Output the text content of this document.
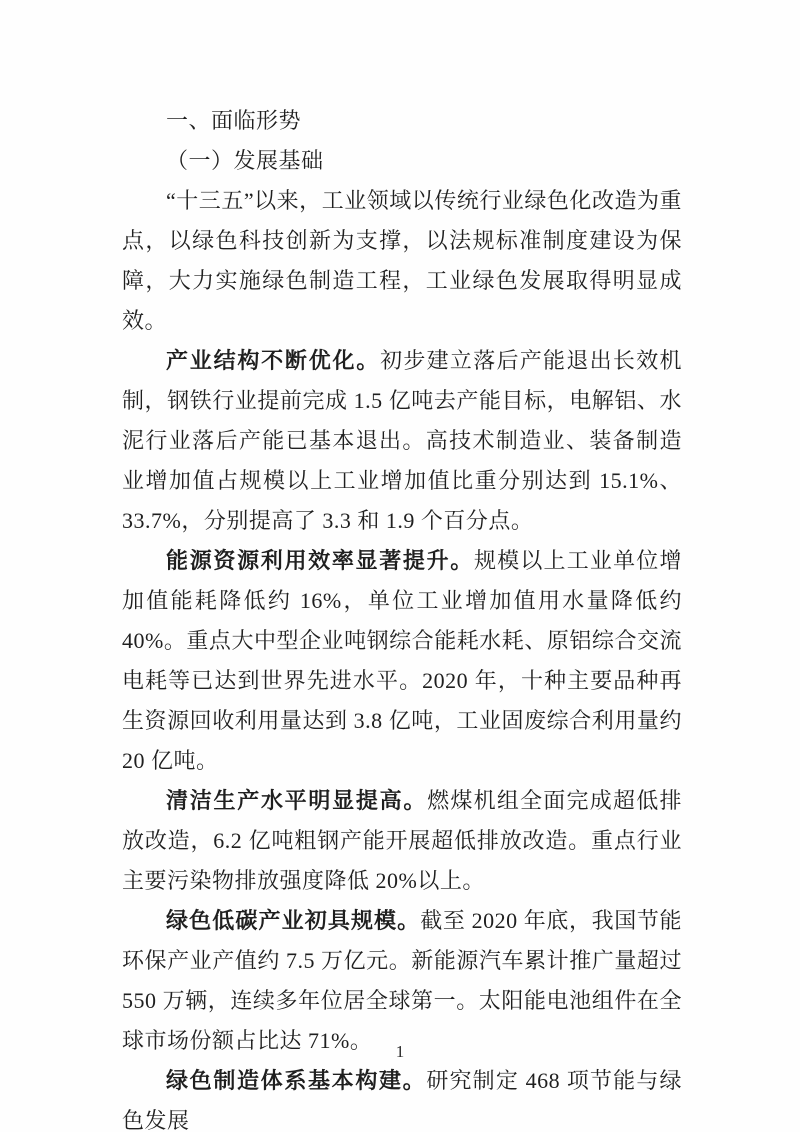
一、面临形势
（一）发展基础

“十三五”以来，工业领域以传统行业绿色化改造为重点，以绿色科技创新为支撑，以法规标准制度建设为保障，大力实施绿色制造工程，工业绿色发展取得明显成效。

产业结构不断优化。初步建立落后产能退出长效机制，钢铁行业提前完成 1.5 亿吨去产能目标，电解铝、水泥行业落后产能已基本退出。高技术制造业、装备制造业增加值占规模以上工业增加值比重分别达到 15.1%、33.7%，分别提高了 3.3 和 1.9 个百分点。

能源资源利用效率显著提升。规模以上工业单位增加值能耗降低约 16%，单位工业增加值用水量降低约 40%。重点大中型企业吨钢综合能耗水耗、原铝综合交流电耗等已达到世界先进水平。2020 年，十种主要品种再生资源回收利用量达到 3.8 亿吨，工业固废综合利用量约 20 亿吨。

清洁生产水平明显提高。燃煤机组全面完成超低排放改造，6.2 亿吨粗钢产能开展超低排放改造。重点行业主要污染物排放强度降低 20%以上。

绿色低碳产业初具规模。截至 2020 年底，我国节能环保产业产值约 7.5 万亿元。新能源汽车累计推广量超过 550 万辆，连续多年位居全球第一。太阳能电池组件在全球市场份额占比达 71%。

绿色制造体系基本构建。研究制定 468 项节能与绿色发展

1
